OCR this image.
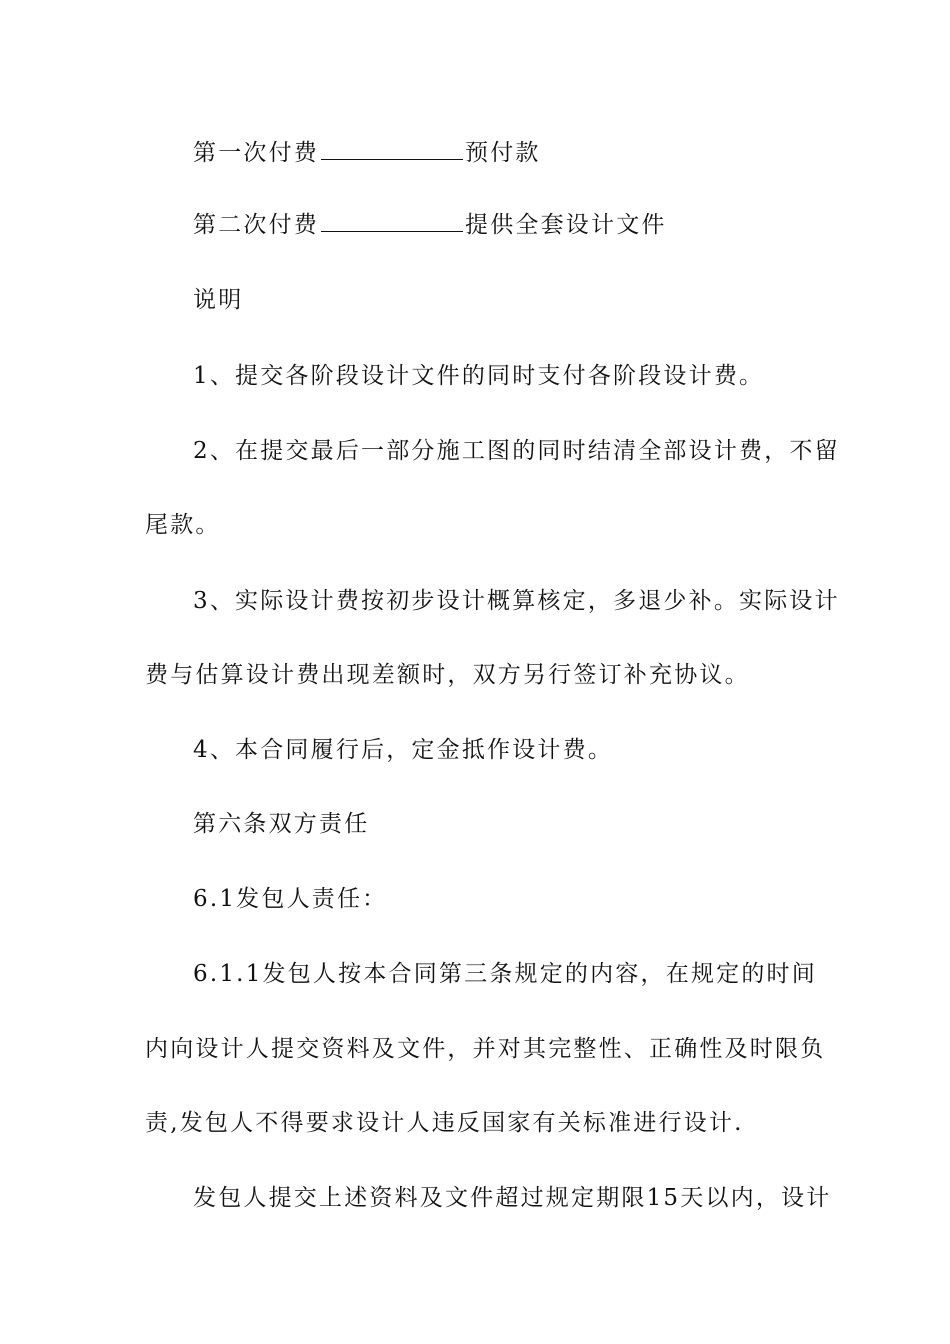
第一次付费	预付款
第二次付费	提供全套设计文件
说明
1、提交各阶段设计文件的同时支付各阶段设计费。
2、在提交最后一部分施工图的同时结清全部设计费，不留
尾款。
3、实际设计费按初步设计概算核定，多退少补。实际设计
费与估算设计费出现差额时，双方另行签订补充协议。
4、本合同履行后，定金抵作设计费。
第六条双方责任
6.1发包人责任：
6.1.1发包人按本合同第三条规定的内容，在规定的时间
内向设计人提交资料及文件，并对其完整性、正确性及时限负
责,发包人不得要求设计人违反国家有关标准进行设计.
发包人提交上述资料及文件超过规定期限15天以内，设计
